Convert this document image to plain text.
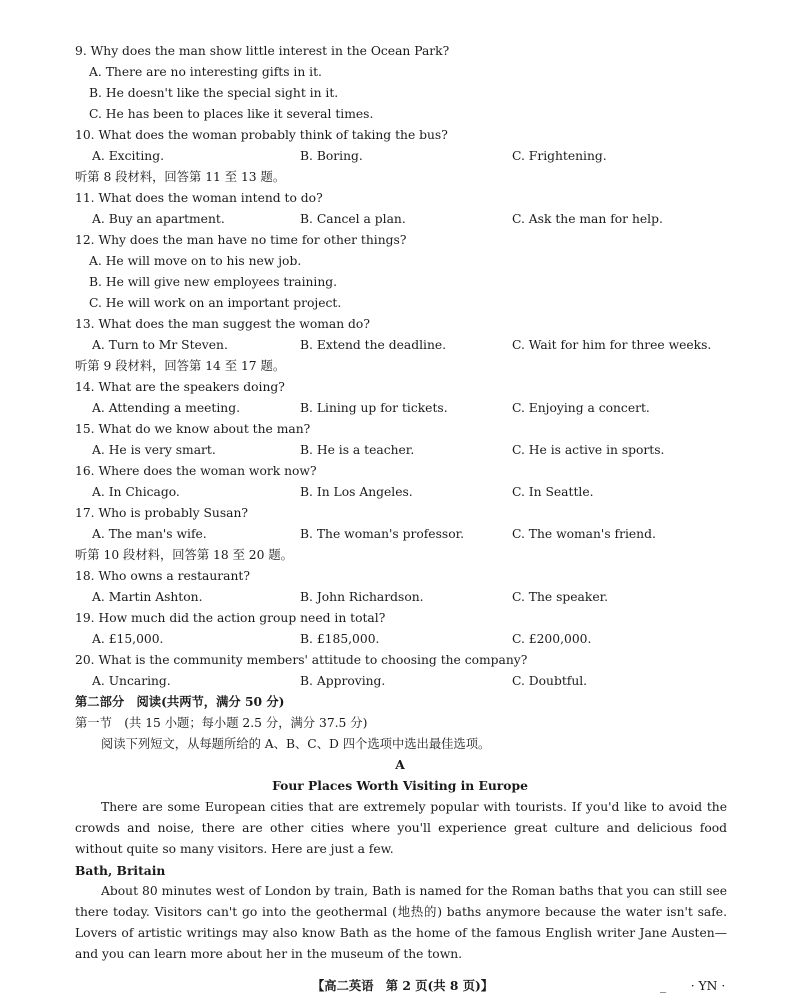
9. Why does the man show little interest in the Ocean Park?
A. There are no interesting gifts in it.
B. He doesn't like the special sight in it.
C. He has been to places like it several times.
10. What does the woman probably think of taking the bus?
A. Exciting.	B. Boring.	C. Frightening.
听第 8 段材料，回答第 11 至 13 题。
11. What does the woman intend to do?
A. Buy an apartment.	B. Cancel a plan.	C. Ask the man for help.
12. Why does the man have no time for other things?
A. He will move on to his new job.
B. He will give new employees training.
C. He will work on an important project.
13. What does the man suggest the woman do?
A. Turn to Mr Steven.	B. Extend the deadline.	C. Wait for him for three weeks.
听第 9 段材料，回答第 14 至 17 题。
14. What are the speakers doing?
A. Attending a meeting.	B. Lining up for tickets.	C. Enjoying a concert.
15. What do we know about the man?
A. He is very smart.	B. He is a teacher.	C. He is active in sports.
16. Where does the woman work now?
A. In Chicago.	B. In Los Angeles.	C. In Seattle.
17. Who is probably Susan?
A. The man's wife.	B. The woman's professor.	C. The woman's friend.
听第 10 段材料，回答第 18 至 20 题。
18. Who owns a restaurant?
A. Martin Ashton.	B. John Richardson.	C. The speaker.
19. How much did the action group need in total?
A. £15,000.	B. £185,000.	C. £200,000.
20. What is the community members' attitude to choosing the company?
A. Uncaring.	B. Approving.	C. Doubtful.
第二部分　阅读(共两节，满分 50 分)
第一节　(共 15 小题；每小题 2.5 分，满分 37.5 分)
阅读下列短文，从每题所给的 A、B、C、D 四个选项中选出最佳选项。
A
Four Places Worth Visiting in Europe
There are some European cities that are extremely popular with tourists. If you'd like to avoid the crowds and noise, there are other cities where you'll experience great culture and delicious food without quite so many visitors. Here are just a few.
Bath, Britain
About 80 minutes west of London by train, Bath is named for the Roman baths that you can still see there today. Visitors can't go into the geothermal (地热的) baths anymore because the water isn't safe. Lovers of artistic writings may also know Bath as the home of the famous English writer Jane Austen—and you can learn more about her in the museum of the town.
【高二英语　第 2 页(共 8 页)】	_　　· YN ·
